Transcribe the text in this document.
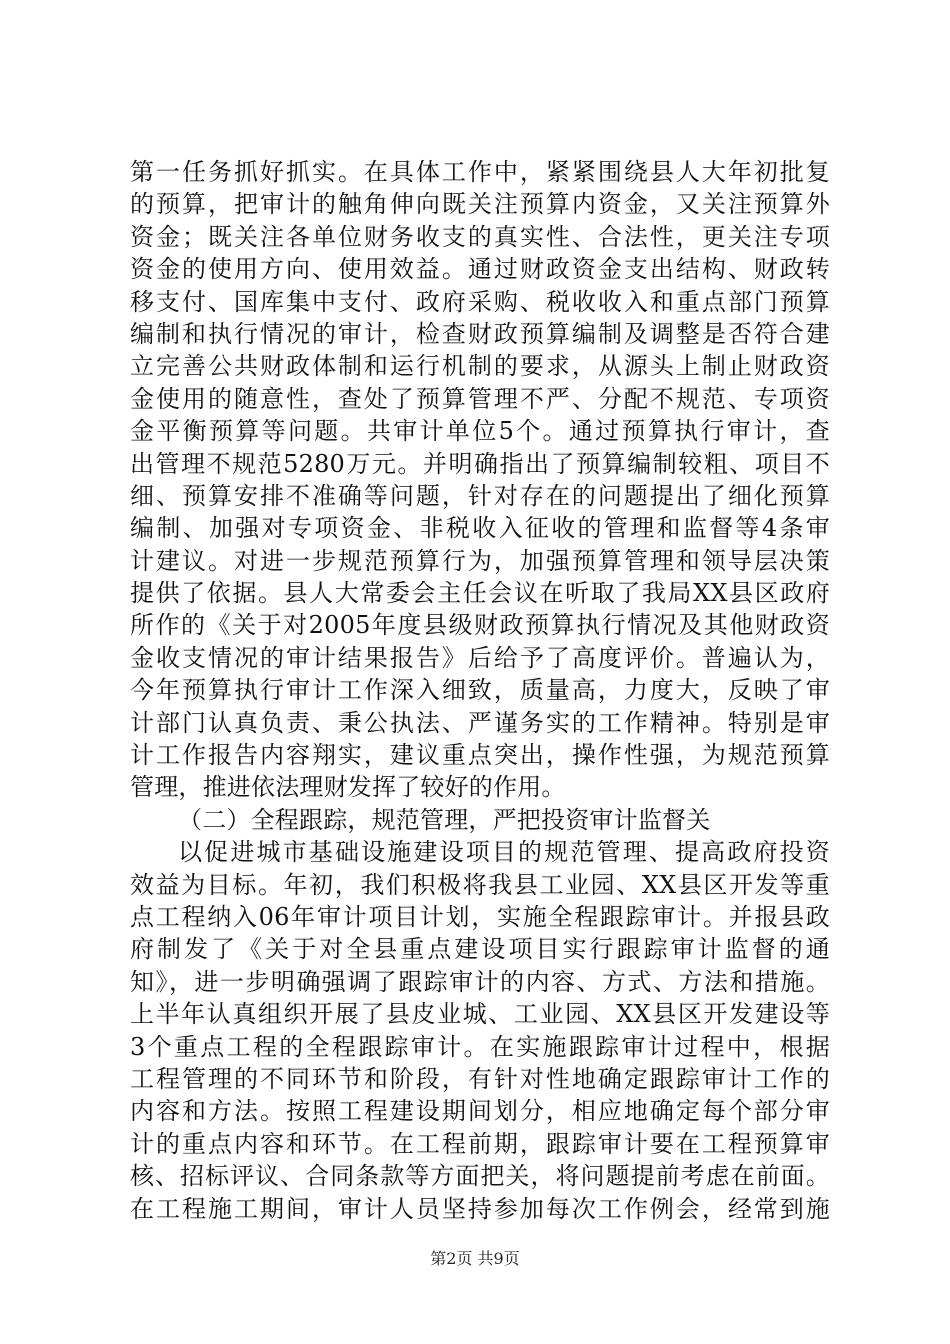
第一任务抓好抓实。在具体工作中，紧紧围绕县人大年初批复
的预算，把审计的触角伸向既关注预算内资金，又关注预算外
资金；既关注各单位财务收支的真实性、合法性，更关注专项
资金的使用方向、使用效益。通过财政资金支出结构、财政转
移支付、国库集中支付、政府采购、税收收入和重点部门预算
编制和执行情况的审计，检查财政预算编制及调整是否符合建
立完善公共财政体制和运行机制的要求，从源头上制止财政资
金使用的随意性，查处了预算管理不严、分配不规范、专项资
金平衡预算等问题。共审计单位5个。通过预算执行审计，查
出管理不规范5280万元。并明确指出了预算编制较粗、项目不
细、预算安排不准确等问题，针对存在的问题提出了细化预算
编制、加强对专项资金、非税收入征收的管理和监督等4条审
计建议。对进一步规范预算行为，加强预算管理和领导层决策
提供了依据。县人大常委会主任会议在听取了我局XX县区政府
所作的《关于对2005年度县级财政预算执行情况及其他财政资
金收支情况的审计结果报告》后给予了高度评价。普遍认为，
今年预算执行审计工作深入细致，质量高，力度大，反映了审
计部门认真负责、秉公执法、严谨务实的工作精神。特别是审
计工作报告内容翔实，建议重点突出，操作性强，为规范预算
管理，推进依法理财发挥了较好的作用。
（二）全程跟踪，规范管理，严把投资审计监督关
以促进城市基础设施建设项目的规范管理、提高政府投资
效益为目标。年初，我们积极将我县工业园、XX县区开发等重
点工程纳入06年审计项目计划，实施全程跟踪审计。并报县政
府制发了《关于对全县重点建设项目实行跟踪审计监督的通
知》，进一步明确强调了跟踪审计的内容、方式、方法和措施。
上半年认真组织开展了县皮业城、工业园、XX县区开发建设等
3个重点工程的全程跟踪审计。在实施跟踪审计过程中，根据
工程管理的不同环节和阶段，有针对性地确定跟踪审计工作的
内容和方法。按照工程建设期间划分，相应地确定每个部分审
计的重点内容和环节。在工程前期，跟踪审计要在工程预算审
核、招标评议、合同条款等方面把关，将问题提前考虑在前面。
在工程施工期间，审计人员坚持参加每次工作例会，经常到施
第2页 共9页
